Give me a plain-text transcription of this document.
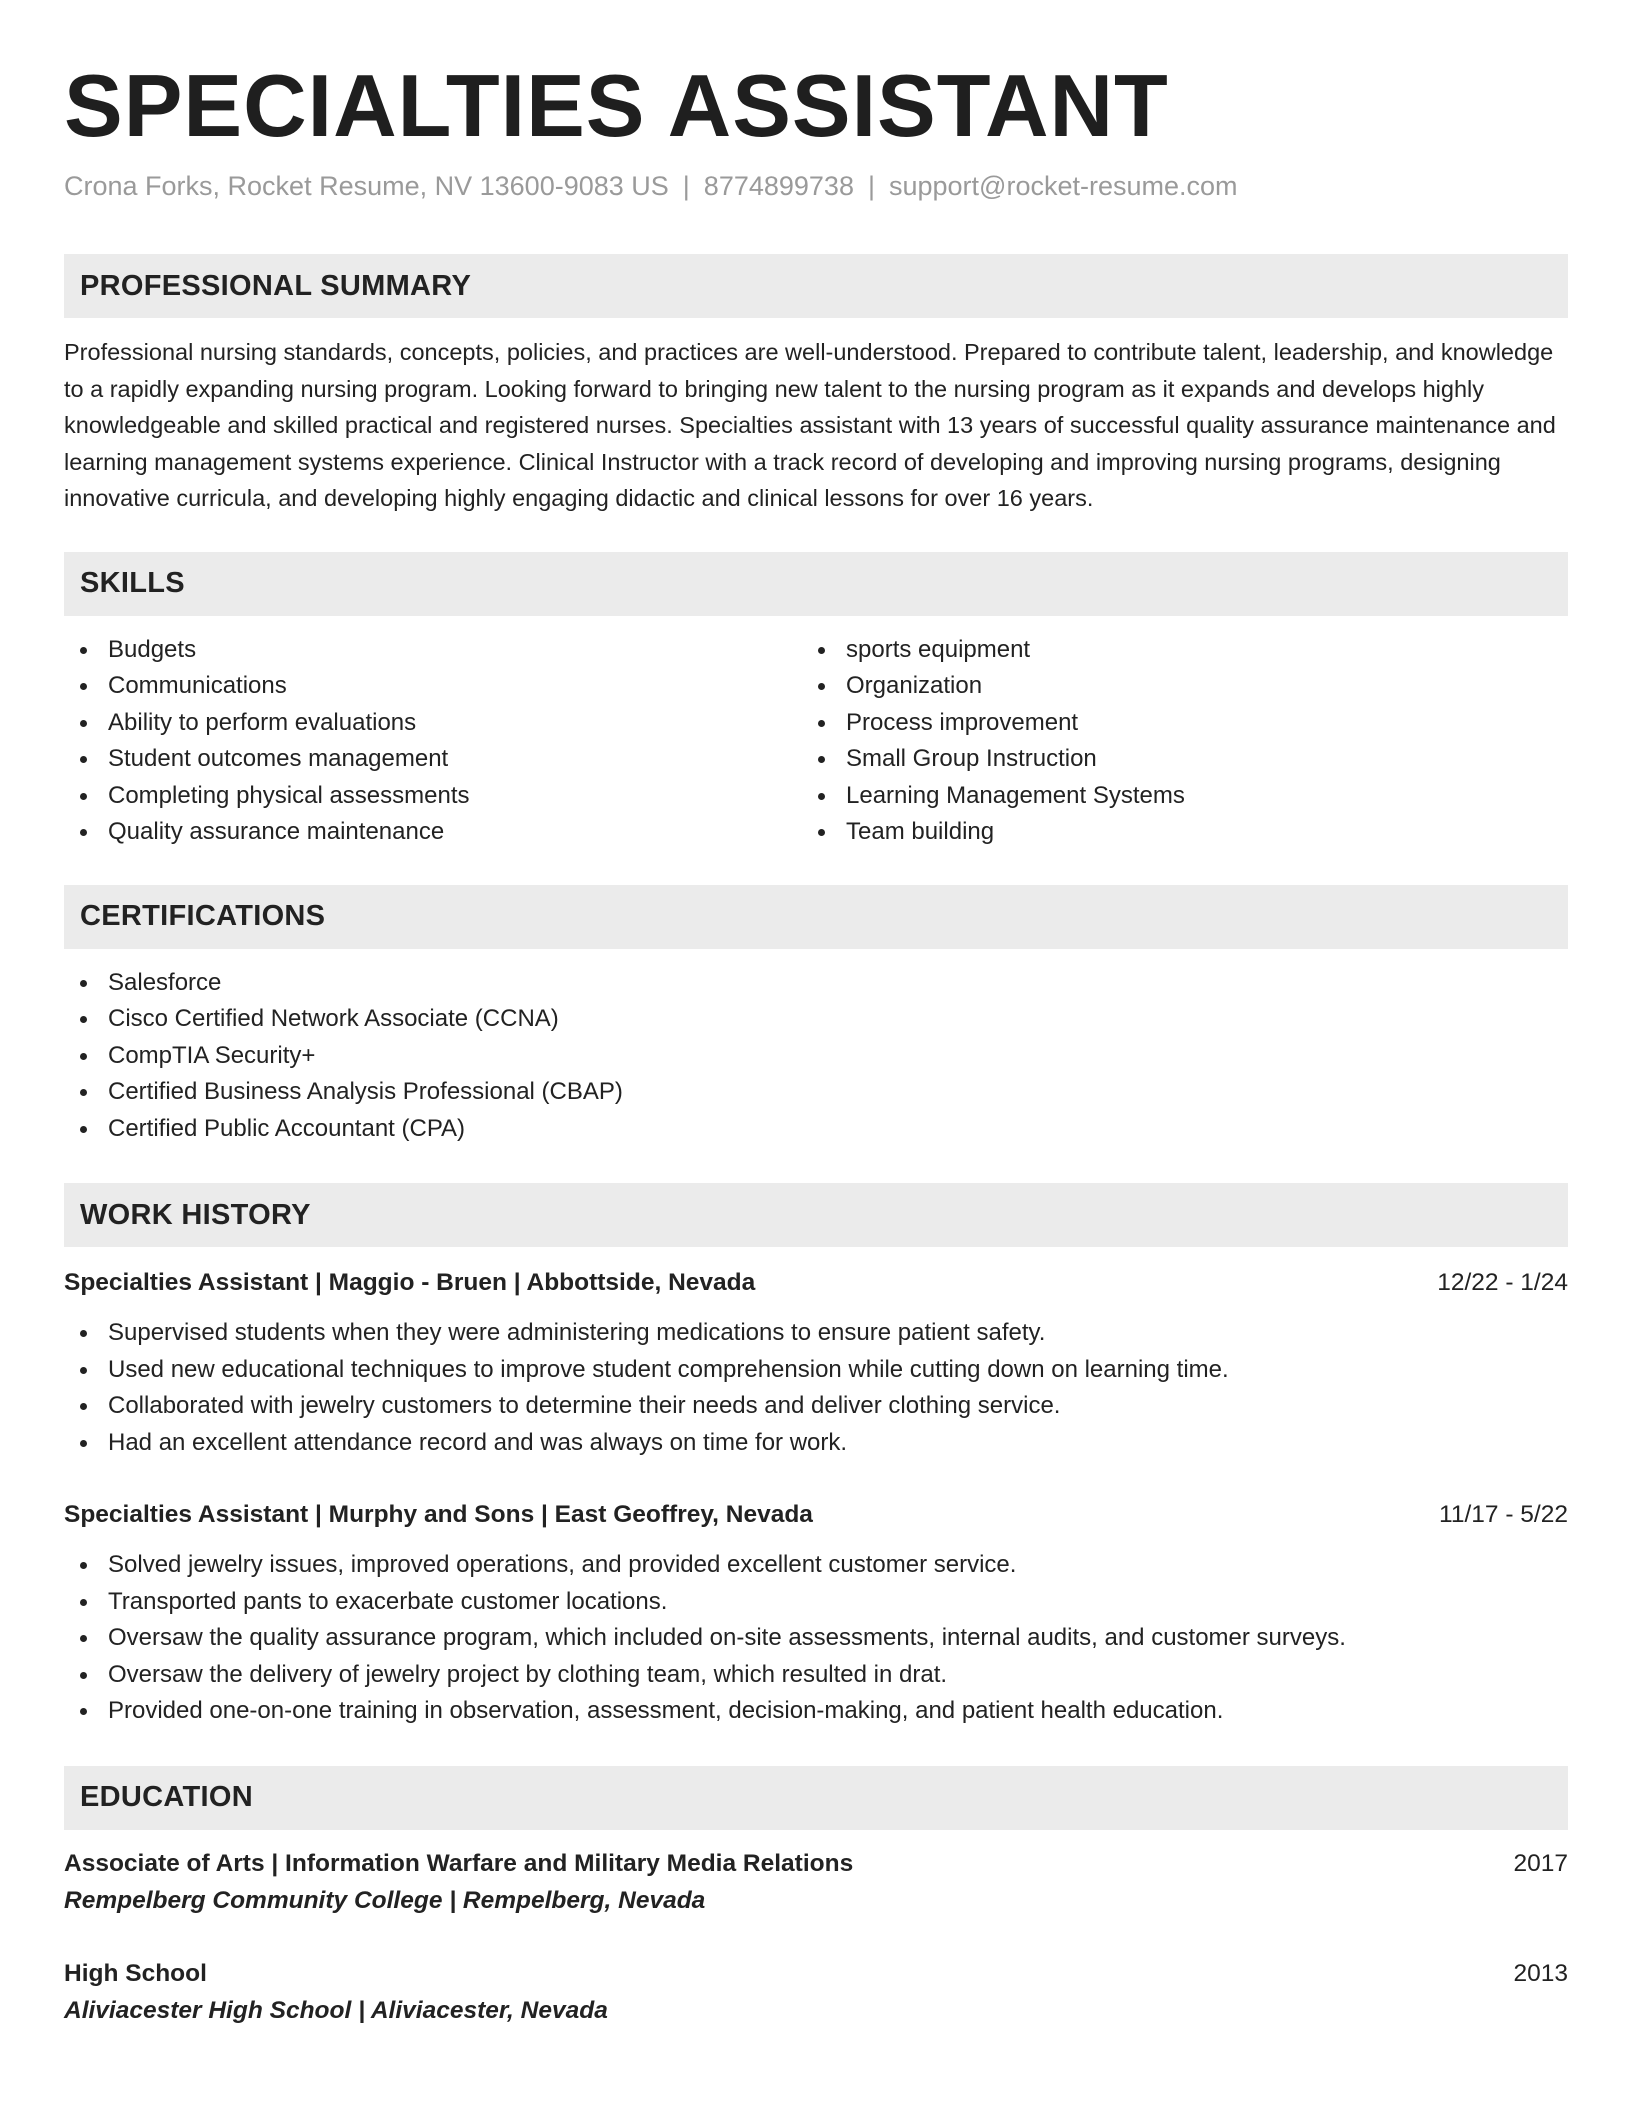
SPECIALTIES ASSISTANT
Crona Forks, Rocket Resume, NV 13600-9083 US | 8774899738 | support@rocket-resume.com
PROFESSIONAL SUMMARY
Professional nursing standards, concepts, policies, and practices are well-understood. Prepared to contribute talent, leadership, and knowledge to a rapidly expanding nursing program. Looking forward to bringing new talent to the nursing program as it expands and develops highly knowledgeable and skilled practical and registered nurses. Specialties assistant with 13 years of successful quality assurance maintenance and learning management systems experience. Clinical Instructor with a track record of developing and improving nursing programs, designing innovative curricula, and developing highly engaging didactic and clinical lessons for over 16 years.
SKILLS
Budgets
Communications
Ability to perform evaluations
Student outcomes management
Completing physical assessments
Quality assurance maintenance
sports equipment
Organization
Process improvement
Small Group Instruction
Learning Management Systems
Team building
CERTIFICATIONS
Salesforce
Cisco Certified Network Associate (CCNA)
CompTIA Security+
Certified Business Analysis Professional (CBAP)
Certified Public Accountant (CPA)
WORK HISTORY
Specialties Assistant | Maggio - Bruen | Abbottside, Nevada	12/22 - 1/24
Supervised students when they were administering medications to ensure patient safety.
Used new educational techniques to improve student comprehension while cutting down on learning time.
Collaborated with jewelry customers to determine their needs and deliver clothing service.
Had an excellent attendance record and was always on time for work.
Specialties Assistant | Murphy and Sons | East Geoffrey, Nevada	11/17 - 5/22
Solved jewelry issues, improved operations, and provided excellent customer service.
Transported pants to exacerbate customer locations.
Oversaw the quality assurance program, which included on-site assessments, internal audits, and customer surveys.
Oversaw the delivery of jewelry project by clothing team, which resulted in drat.
Provided one-on-one training in observation, assessment, decision-making, and patient health education.
EDUCATION
Associate of Arts | Information Warfare and Military Media Relations	2017
Rempelberg Community College | Rempelberg, Nevada
High School	2013
Aliviacester High School | Aliviacester, Nevada
